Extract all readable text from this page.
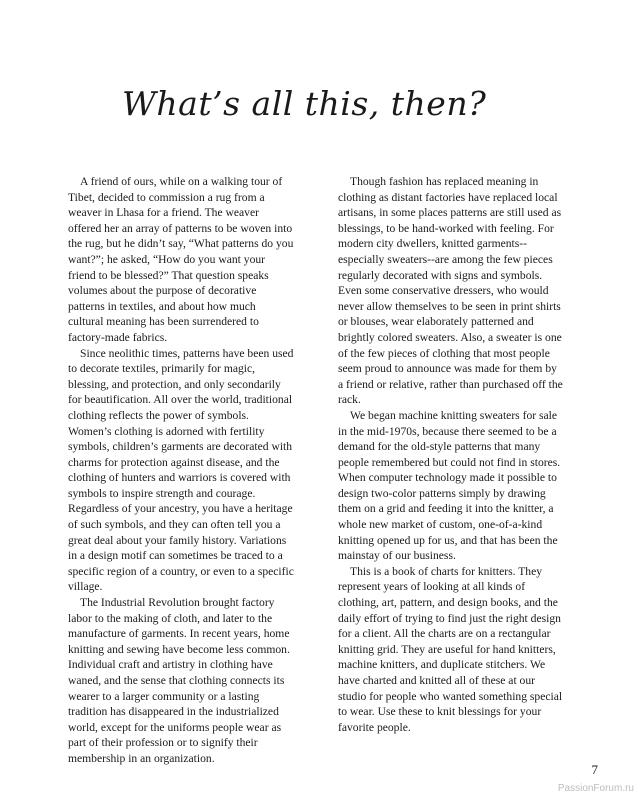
What’s all this, then?

A friend of ours, while on a walking tour of Tibet, decided to commission a rug from a weaver in Lhasa for a friend. The weaver offered her an array of patterns to be woven into the rug, but he didn’t say, “What patterns do you want?”; he asked, “How do you want your friend to be blessed?” That question speaks volumes about the purpose of decorative patterns in textiles, and about how much cultural meaning has been surrendered to factory-made fabrics.

Since neolithic times, patterns have been used to decorate textiles, primarily for magic, blessing, and protection, and only secondarily for beautification. All over the world, traditional clothing reflects the power of symbols. Women’s clothing is adorned with fertility symbols, children’s garments are decorated with charms for protection against disease, and the clothing of hunters and warriors is covered with symbols to inspire strength and courage. Regardless of your ancestry, you have a heritage of such symbols, and they can often tell you a great deal about your family history. Variations in a design motif can sometimes be traced to a specific region of a country, or even to a specific village.

The Industrial Revolution brought factory labor to the making of cloth, and later to the manufacture of garments. In recent years, home knitting and sewing have become less common. Individual craft and artistry in clothing have waned, and the sense that clothing connects its wearer to a larger community or a lasting tradition has disappeared in the industrialized world, except for the uniforms people wear as part of their profession or to signify their membership in an organization.

Though fashion has replaced meaning in clothing as distant factories have replaced local artisans, in some places patterns are still used as blessings, to be hand-worked with feeling. For modern city dwellers, knitted garments--especially sweaters--are among the few pieces regularly decorated with signs and symbols. Even some conservative dressers, who would never allow themselves to be seen in print shirts or blouses, wear elaborately patterned and brightly colored sweaters. Also, a sweater is one of the few pieces of clothing that most people seem proud to announce was made for them by a friend or relative, rather than purchased off the rack.

We began machine knitting sweaters for sale in the mid-1970s, because there seemed to be a demand for the old-style patterns that many people remembered but could not find in stores. When computer technology made it possible to design two-color patterns simply by drawing them on a grid and feeding it into the knitter, a whole new market of custom, one-of-a-kind knitting opened up for us, and that has been the mainstay of our business.

This is a book of charts for knitters. They represent years of looking at all kinds of clothing, art, pattern, and design books, and the daily effort of trying to find just the right design for a client. All the charts are on a rectangular knitting grid. They are useful for hand knitters, machine knitters, and duplicate stitchers. We have charted and knitted all of these at our studio for people who wanted something special to wear. Use these to knit blessings for your favorite people.

7
PassionForum.ru
